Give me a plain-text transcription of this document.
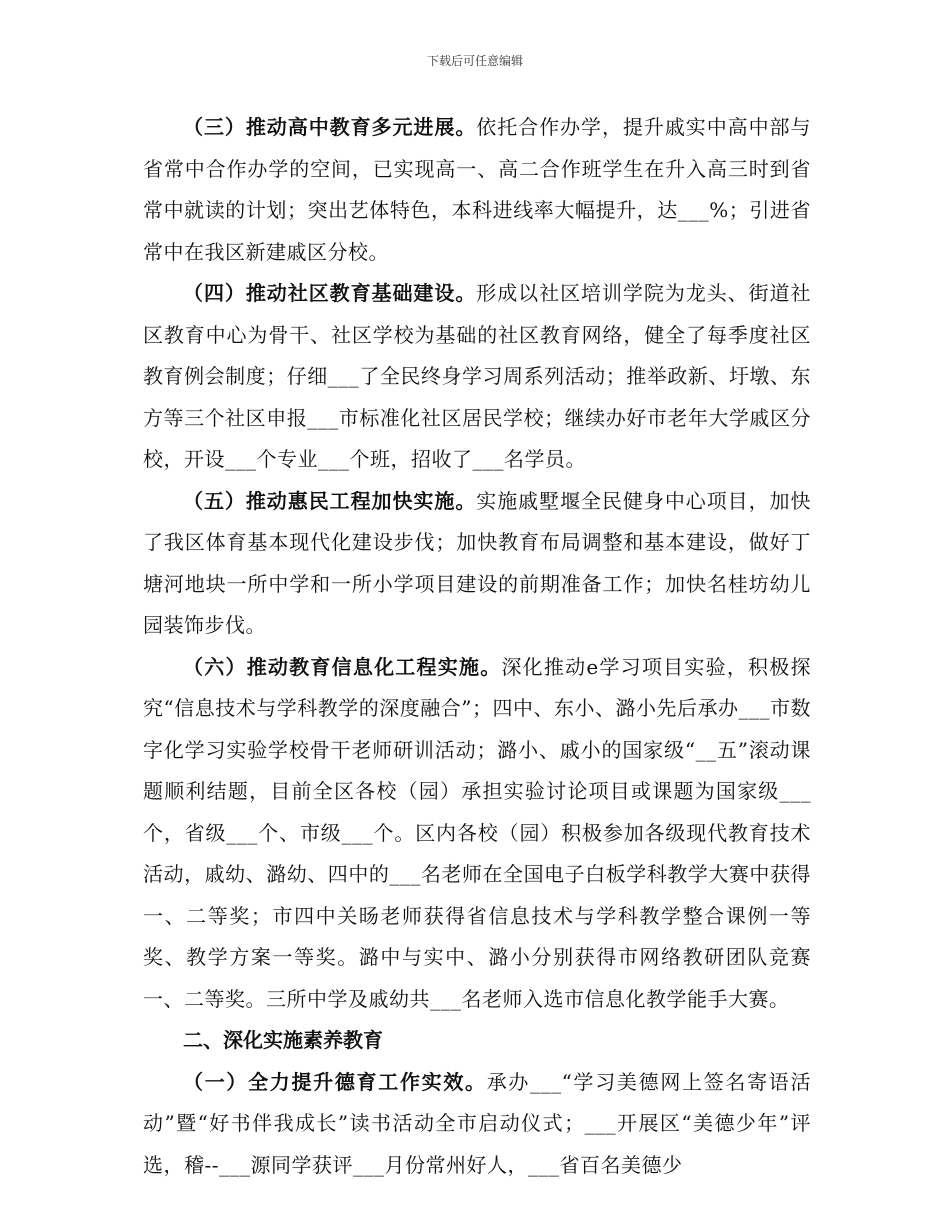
下载后可任意编辑

（三）推动高中教育多元进展。依托合作办学，提升戚实中高中部与省常中合作办学的空间，已实现高一、高二合作班学生在升入高三时到省常中就读的计划；突出艺体特色，本科进线率大幅提升，达___%；引进省常中在我区新建戚区分校。

（四）推动社区教育基础建设。形成以社区培训学院为龙头、街道社区教育中心为骨干、社区学校为基础的社区教育网络，健全了每季度社区教育例会制度；仔细___了全民终身学习周系列活动；推举政新、圩墩、东方等三个社区申报___市标准化社区居民学校；继续办好市老年大学戚区分校，开设___个专业___个班，招收了___名学员。

（五）推动惠民工程加快实施。实施戚墅堰全民健身中心项目，加快了我区体育基本现代化建设步伐；加快教育布局调整和基本建设，做好丁塘河地块一所中学和一所小学项目建设的前期准备工作；加快名桂坊幼儿园装饰步伐。

（六）推动教育信息化工程实施。深化推动e学习项目实验，积极探究“信息技术与学科教学的深度融合”；四中、东小、潞小先后承办___市数字化学习实验学校骨干老师研训活动；潞小、戚小的国家级“__五”滚动课题顺利结题，目前全区各校（园）承担实验讨论项目或课题为国家级___个，省级___个、市级___个。区内各校（园）积极参加各级现代教育技术活动，戚幼、潞幼、四中的___名老师在全国电子白板学科教学大赛中获得一、二等奖；市四中关旸老师获得省信息技术与学科教学整合课例一等奖、教学方案一等奖。潞中与实中、潞小分别获得市网络教研团队竞赛一、二等奖。三所中学及戚幼共___名老师入选市信息化教学能手大赛。

二、深化实施素养教育

（一）全力提升德育工作实效。承办___“学习美德网上签名寄语活动”暨“好书伴我成长”读书活动全市启动仪式；___开展区“美德少年”评选，稽--___源同学获评___月份常州好人，___省百名美德少
